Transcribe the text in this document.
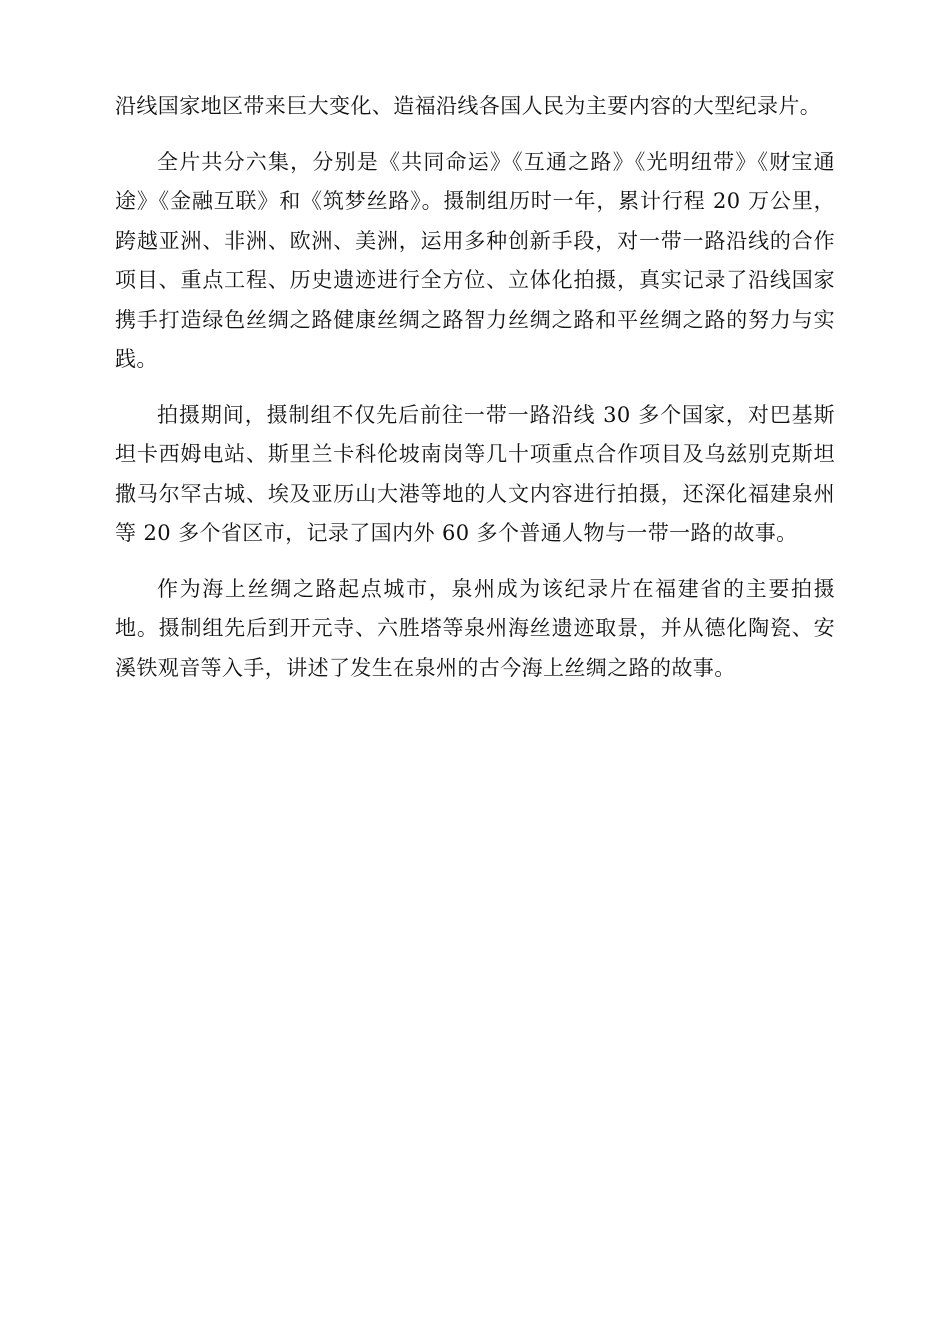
沿线国家地区带来巨大变化、造福沿线各国人民为主要内容的大型纪录片。

全片共分六集，分别是《共同命运》《互通之路》《光明纽带》《财宝通途》《金融互联》和《筑梦丝路》。摄制组历时一年，累计行程 20 万公里，跨越亚洲、非洲、欧洲、美洲，运用多种创新手段，对一带一路沿线的合作项目、重点工程、历史遗迹进行全方位、立体化拍摄，真实记录了沿线国家携手打造绿色丝绸之路健康丝绸之路智力丝绸之路和平丝绸之路的努力与实践。

拍摄期间，摄制组不仅先后前往一带一路沿线 30 多个国家，对巴基斯坦卡西姆电站、斯里兰卡科伦坡南岗等几十项重点合作项目及乌兹别克斯坦撒马尔罕古城、埃及亚历山大港等地的人文内容进行拍摄，还深化福建泉州等 20 多个省区市，记录了国内外 60 多个普通人物与一带一路的故事。

作为海上丝绸之路起点城市，泉州成为该纪录片在福建省的主要拍摄地。摄制组先后到开元寺、六胜塔等泉州海丝遗迹取景，并从德化陶瓷、安溪铁观音等入手，讲述了发生在泉州的古今海上丝绸之路的故事。
